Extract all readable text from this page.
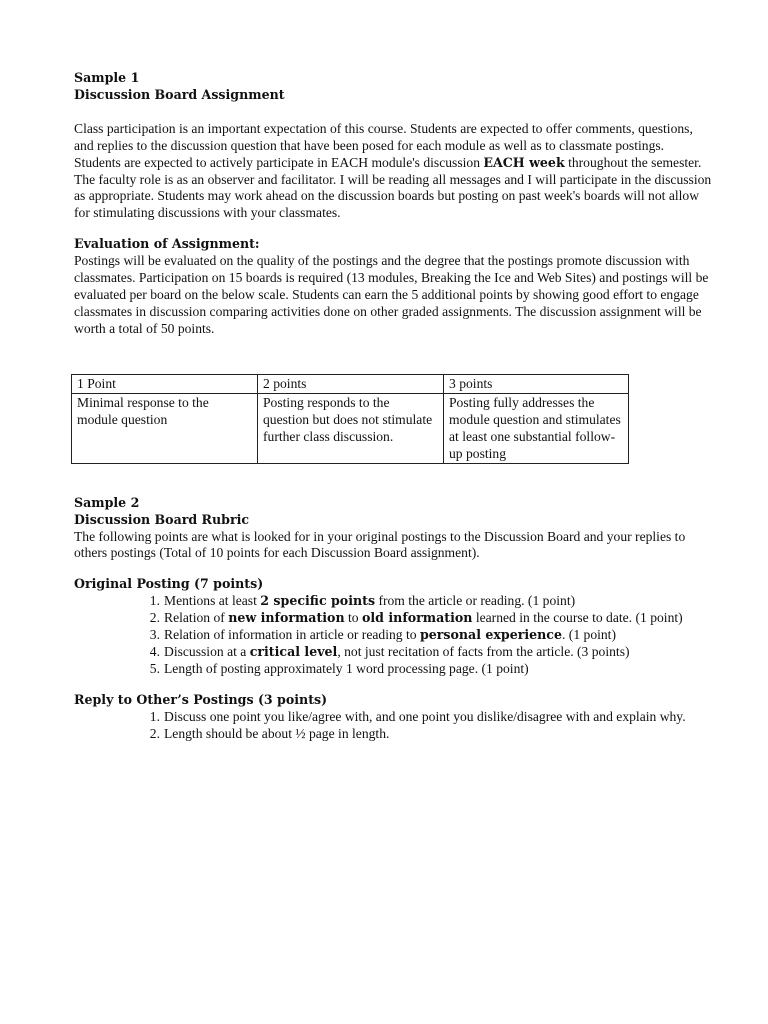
Sample 1
Discussion Board Assignment

Class participation is an important expectation of this course. Students are expected to offer comments, questions, and replies to the discussion question that have been posed for each module as well as to classmate postings. Students are expected to actively participate in EACH module's discussion EACH week throughout the semester. The faculty role is as an observer and facilitator. I will be reading all messages and I will participate in the discussion as appropriate. Students may work ahead on the discussion boards but posting on past week's boards will not allow for stimulating discussions with your classmates.

Evaluation of Assignment:

Postings will be evaluated on the quality of the postings and the degree that the postings promote discussion with classmates. Participation on 15 boards is required (13 modules, Breaking the Ice and Web Sites) and postings will be evaluated per board on the below scale. Students can earn the 5 additional points by showing good effort to engage classmates in discussion comparing activities done on other graded assignments. The discussion assignment will be worth a total of 50 points.

1 Point	2 points	3 points
Minimal response to the module question	Posting responds to the question but does not stimulate further class discussion.	Posting fully addresses the module question and stimulates at least one substantial follow-up posting
Sample 2
Discussion Board Rubric

The following points are what is looked for in your original postings to the Discussion Board and your replies to others postings (Total of 10 points for each Discussion Board assignment).

Original Posting (7 points)
1. Mentions at least 2 specific points from the article or reading. (1 point)
2. Relation of new information to old information learned in the course to date. (1 point)
3. Relation of information in article or reading to personal experience. (1 point)
4. Discussion at a critical level, not just recitation of facts from the article. (3 points)
5. Length of posting approximately 1 word processing page. (1 point)
Reply to Other’s Postings (3 points)
1. Discuss one point you like/agree with, and one point you dislike/disagree with and explain why.
2. Length should be about ½ page in length.
